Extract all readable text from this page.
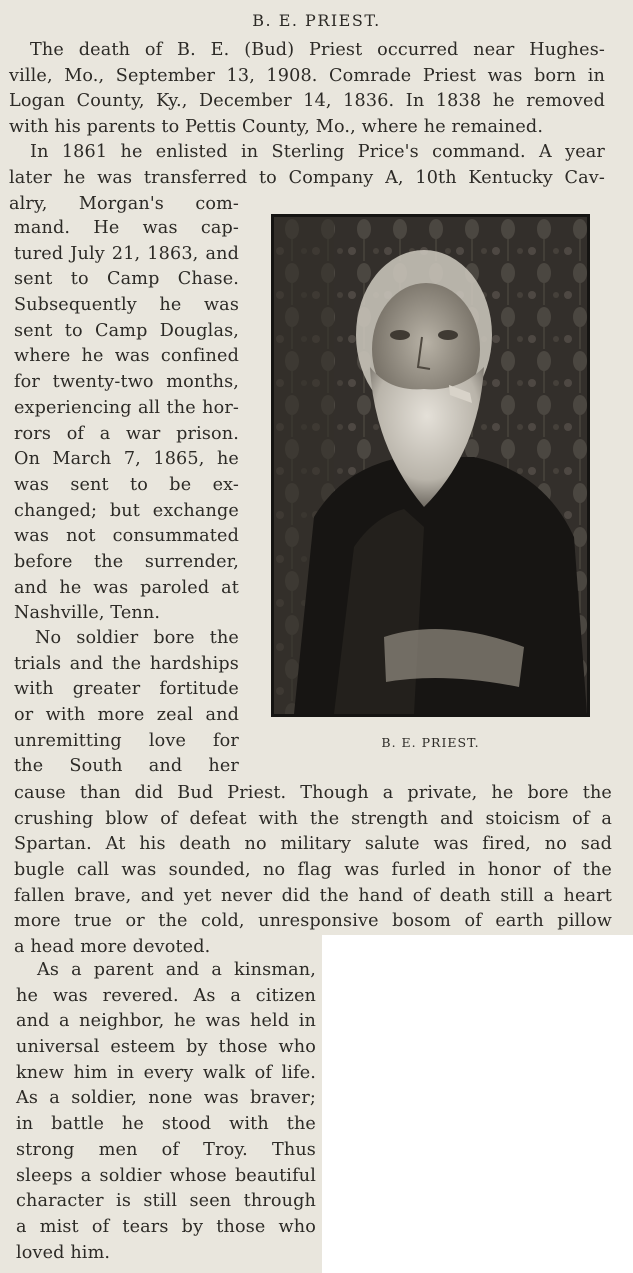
B. E. PRIEST.
The death of B. E. (Bud) Priest occurred near Hughes-
ville, Mo., September 13, 1908. Comrade Priest was born in
Logan County, Ky., December 14, 1836. In 1838 he removed
with his parents to Pettis County, Mo., where he remained.
In 1861 he enlisted in Sterling Price's command. A year
later he was transferred to Company A, 10th Kentucky Cav-
alry, Morgan's com-
mand. He was cap-
tured July 21, 1863, and
sent to Camp Chase.
Subsequently he was
sent to Camp Douglas,
where he was confined
for twenty-two months,
experiencing all the hor-
rors of a war prison.
On March 7, 1865, he
was sent to be ex-
changed; but exchange
was not consummated
before the surrender,
and he was paroled at
Nashville, Tenn.
No soldier bore the
trials and the hardships
with greater fortitude
or with more zeal and
unremitting love for
the South and her
cause than did Bud Priest. Though a private, he bore the
crushing blow of defeat with the strength and stoicism of a
Spartan. At his death no military salute was fired, no sad
bugle call was sounded, no flag was furled in honor of the
fallen brave, and yet never did the hand of death still a heart
more true or the cold, unresponsive bosom of earth pillow
a head more devoted.
As a parent and a kinsman,
he was revered. As a citizen
and a neighbor, he was held in
universal esteem by those who
knew him in every walk of life.
As a soldier, none was braver;
in battle he stood with the
strong men of Troy. Thus
sleeps a soldier whose beautiful
character is still seen through
a mist of tears by those who
loved him.
B. E. PRIEST.
